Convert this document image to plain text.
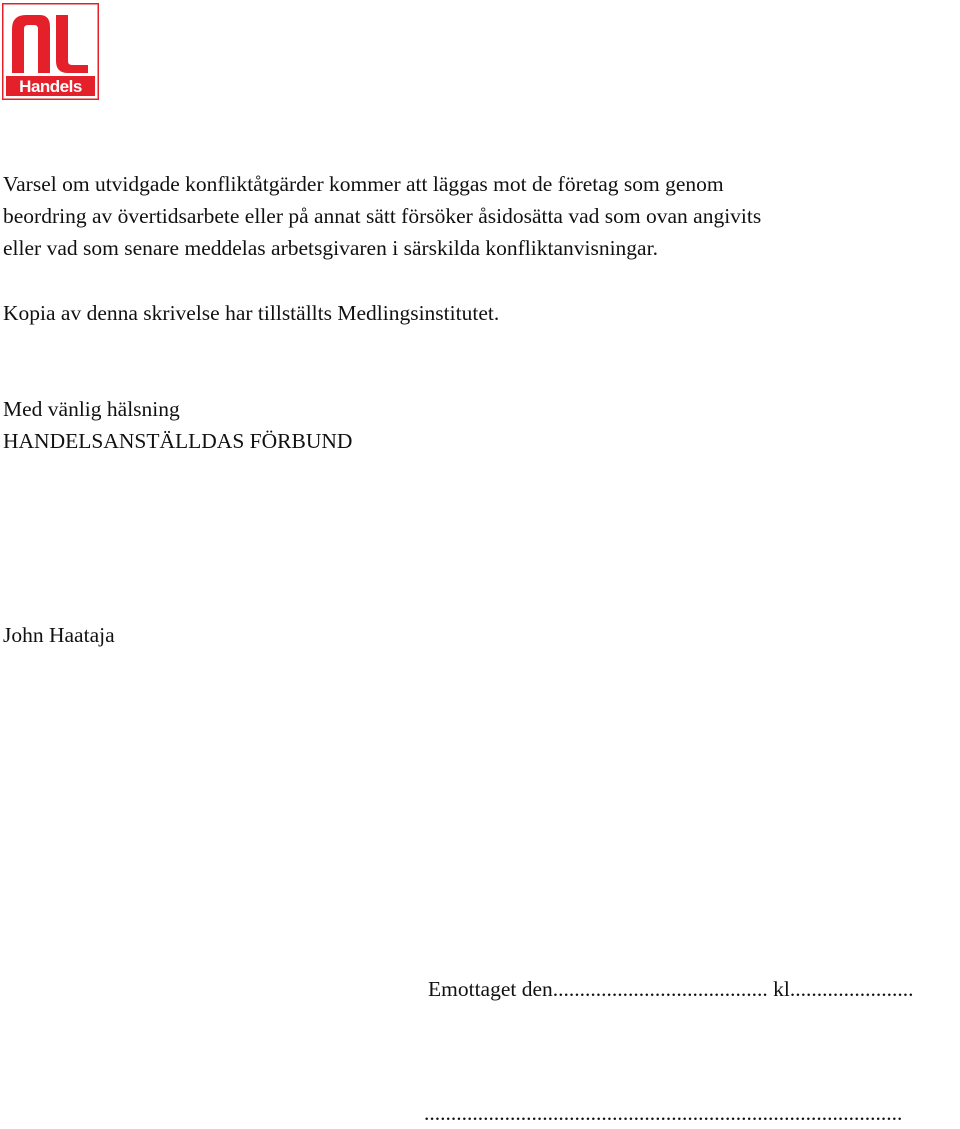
Handels

Varsel om utvidgade konfliktåtgärder kommer att läggas mot de företag som genom
beordring av övertidsarbete eller på annat sätt försöker åsidosätta vad som ovan angivits
eller vad som senare meddelas arbetsgivaren i särskilda konfliktanvisningar.

Kopia av denna skrivelse har tillställts Medlingsinstitutet.

Med vänlig hälsning
HANDELSANSTÄLLDAS FÖRBUND

John Haataja

Emottaget den........................................ kl.......................
.........................................................................................
